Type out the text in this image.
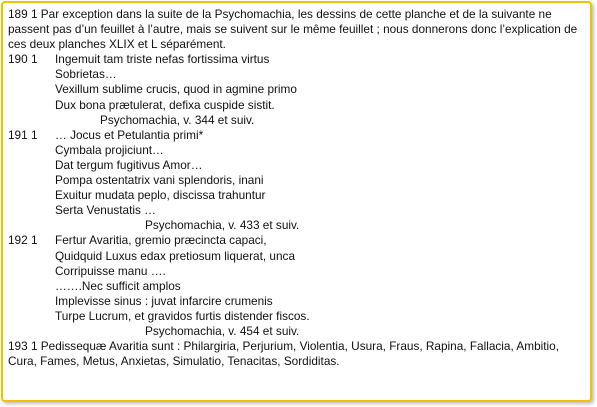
189 1 Par exception dans la suite de la Psychomachia, les dessins de cette planche et de la suivante ne passent pas d’un feuillet à l’autre, mais se suivent sur le même feuillet ; nous donnerons donc l’explication de ces deux planches XLIX et L séparément.

190 1	Ingemuit tam triste nefas fortissima virtus
Sobrietas…
Vexillum sublime crucis, quod in agmine primo
Dux bona prætulerat, defixa cuspide sistit.
Psychomachia, v. 344 et suiv.
191 1	… Jocus et Petulantia primi*
Cymbala projiciunt…
Dat tergum fugitivus Amor…
Pompa ostentatrix vani splendoris, inani
Exuitur mudata peplo, discissa trahuntur
Serta Venustatis …
Psychomachia, v. 433 et suiv.
192 1	Fertur Avaritia, gremio præcincta capaci,
Quidquid Luxus edax pretiosum liquerat, unca
Corripuisse manu ….
…….Nec sufficit amplos
Implevisse sinus : juvat infarcire crumenis
Turpe Lucrum, et gravidos furtis distender fiscos.
Psychomachia, v. 454 et suiv.

193 1 Pedissequæ Avaritia sunt : Philargiria, Perjurium, Violentia, Usura, Fraus, Rapina, Fallacia, Ambitio, Cura, Fames, Metus, Anxietas, Simulatio, Tenacitas, Sordiditas.
